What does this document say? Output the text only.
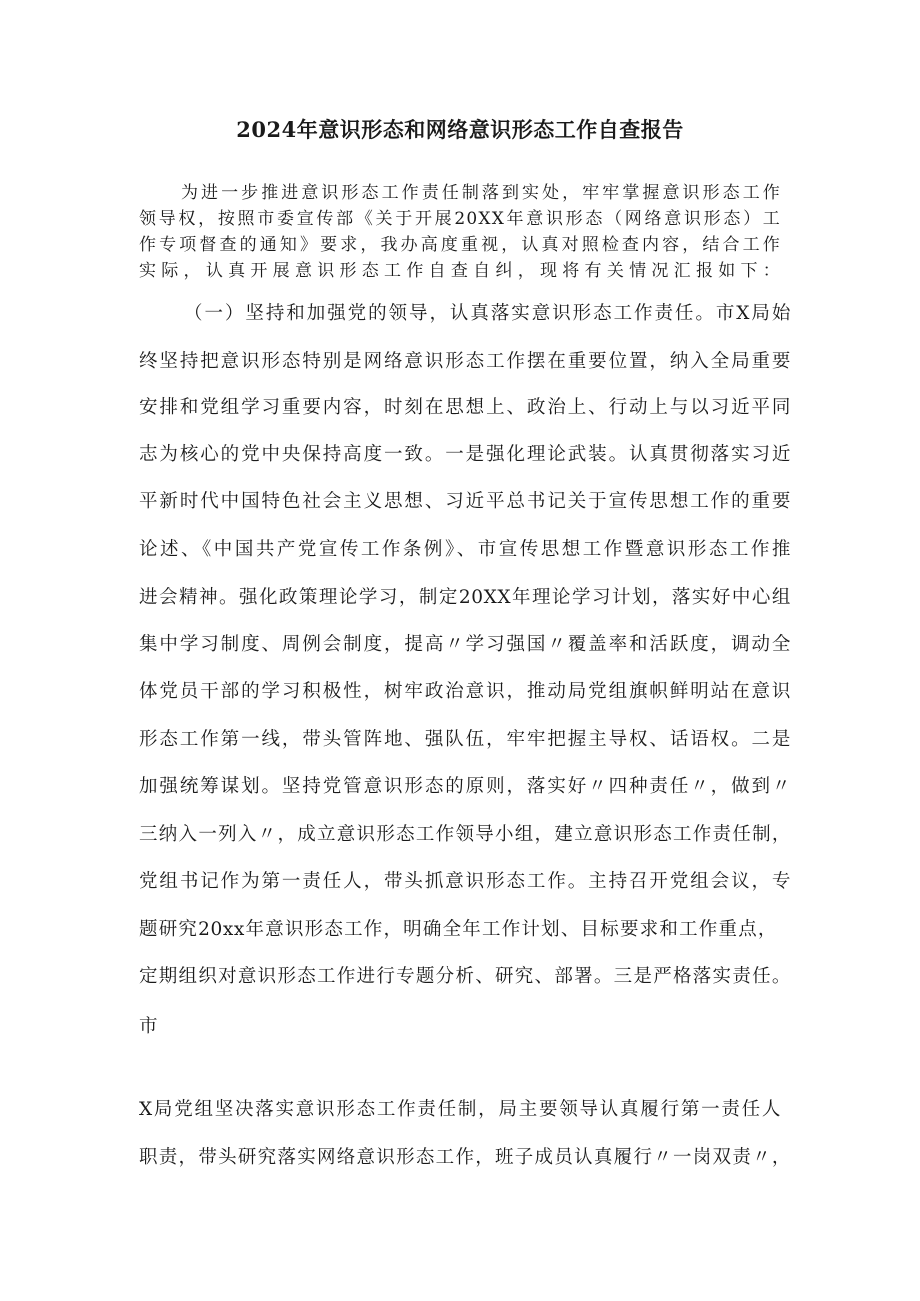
2024年意识形态和网络意识形态工作自查报告

为进一步推进意识形态工作责任制落到实处，牢牢掌握意识形态工作

领导权，按照市委宣传部《关于开展20XX年意识形态（网络意识形态）工

作专项督查的通知》要求，我办高度重视，认真对照检查内容，结合工作

实际，认真开展意识形态工作自查自纠，现将有关情况汇报如下：

（一）坚持和加强党的领导，认真落实意识形态工作责任。市X局始

终坚持把意识形态特别是网络意识形态工作摆在重要位置，纳入全局重要

安排和党组学习重要内容，时刻在思想上、政治上、行动上与以习近平同

志为核心的党中央保持高度一致。一是强化理论武装。认真贯彻落实习近

平新时代中国特色社会主义思想、习近平总书记关于宣传思想工作的重要

论述、《中国共产党宣传工作条例》、市宣传思想工作暨意识形态工作推

进会精神。强化政策理论学习，制定20XX年理论学习计划，落实好中心组

集中学习制度、周例会制度，提高〃学习强国〃覆盖率和活跃度，调动全

体党员干部的学习积极性，树牢政治意识，推动局党组旗帜鲜明站在意识

形态工作第一线，带头管阵地、强队伍，牢牢把握主导权、话语权。二是

加强统筹谋划。坚持党管意识形态的原则，落实好〃四种责任〃，做到〃

三纳入一列入〃，成立意识形态工作领导小组，建立意识形态工作责任制，

党组书记作为第一责任人，带头抓意识形态工作。主持召开党组会议，专

题研究20xx年意识形态工作，明确全年工作计划、目标要求和工作重点，

定期组织对意识形态工作进行专题分析、研究、部署。三是严格落实责任。

市

X局党组坚决落实意识形态工作责任制，局主要领导认真履行第一责任人

职责，带头研究落实网络意识形态工作，班子成员认真履行〃一岗双责〃，
